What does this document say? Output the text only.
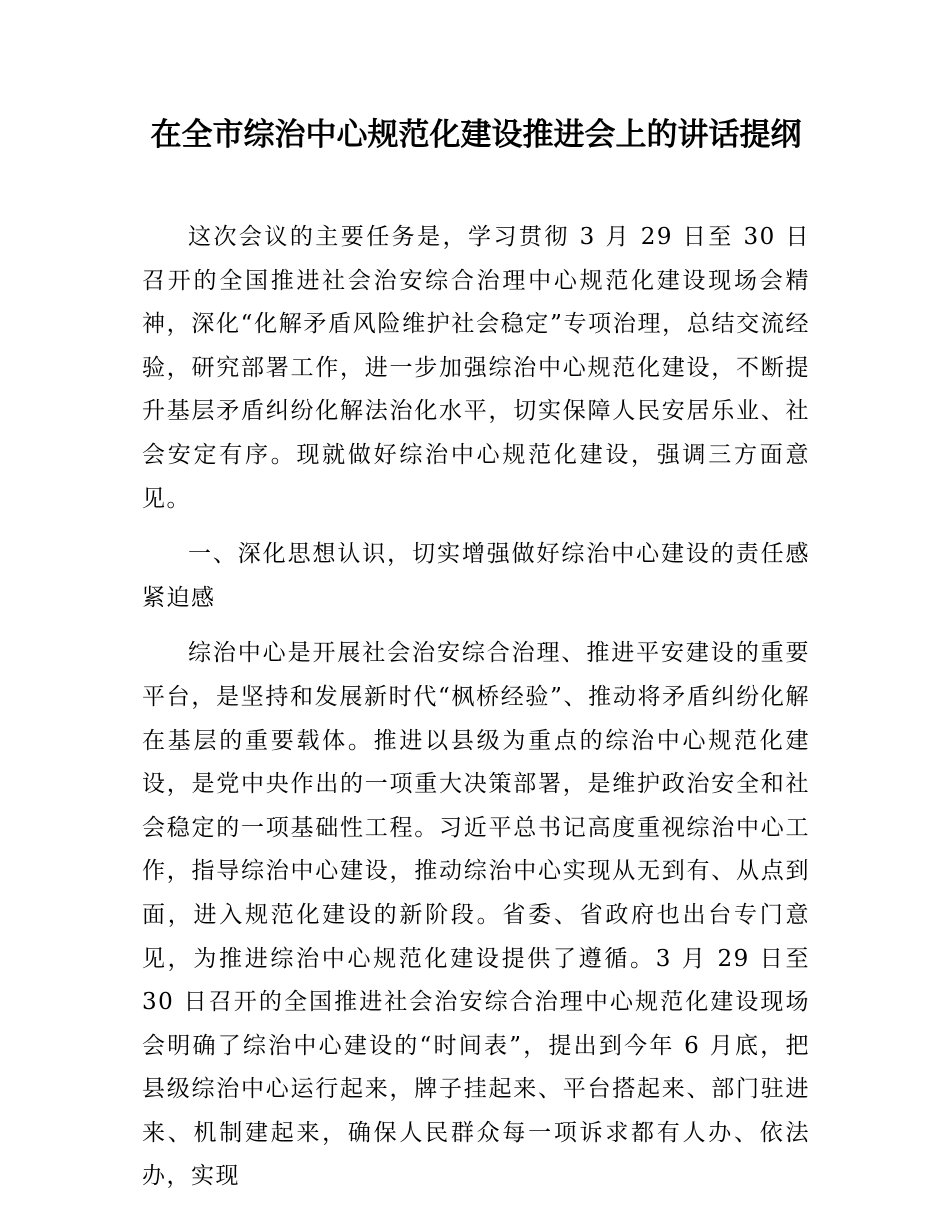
在全市综治中心规范化建设推进会上的讲话提纲

这次会议的主要任务是，学习贯彻 3 月 29 日至 30 日召开的全国推进社会治安综合治理中心规范化建设现场会精神，深化“化解矛盾风险维护社会稳定”专项治理，总结交流经验，研究部署工作，进一步加强综治中心规范化建设，不断提升基层矛盾纠纷化解法治化水平，切实保障人民安居乐业、社会安定有序。现就做好综治中心规范化建设，强调三方面意见。

一、深化思想认识，切实增强做好综治中心建设的责任感紧迫感

综治中心是开展社会治安综合治理、推进平安建设的重要平台，是坚持和发展新时代“枫桥经验”、推动将矛盾纠纷化解在基层的重要载体。推进以县级为重点的综治中心规范化建设，是党中央作出的一项重大决策部署，是维护政治安全和社会稳定的一项基础性工程。习近平总书记高度重视综治中心工作，指导综治中心建设，推动综治中心实现从无到有、从点到面，进入规范化建设的新阶段。省委、省政府也出台专门意见，为推进综治中心规范化建设提供了遵循。3 月 29 日至 30 日召开的全国推进社会治安综合治理中心规范化建设现场会明确了综治中心建设的“时间表”，提出到今年 6 月底，把县级综治中心运行起来，牌子挂起来、平台搭起来、部门驻进来、机制建起来，确保人民群众每一项诉求都有人办、依法办，实现
